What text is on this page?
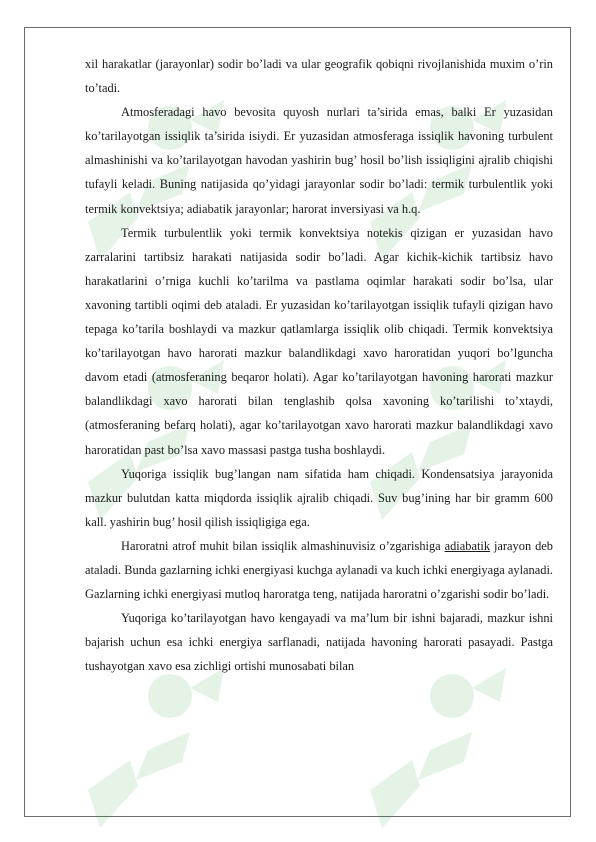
xil harakatlar (jarayonlar) sodir bo’ladi va ular geografik qobiqni rivojlanishida muxim o’rin to’tadi.

Atmosferadagi havo bevosita quyosh nurlari ta’sirida emas, balki Er yuzasidan ko’tarilayotgan issiqlik ta’sirida isiydi. Er yuzasidan atmosferaga issiqlik havoning turbulent almashinishi va ko’tarilayotgan havodan yashirin bug’ hosil bo’lish issiqligini ajralib chiqishi tufayli keladi. Buning natijasida qo’yidagi jarayonlar sodir bo’ladi: termik turbulentlik yoki termik konvektsiya; adiabatik jarayonlar; harorat inversiyasi va h.q.

Termik turbulentlik yoki termik konvektsiya notekis qizigan er yuzasidan havo zarralarini tartibsiz harakati natijasida sodir bo’ladi. Agar kichik-kichik tartibsiz havo harakatlarini o’rniga kuchli ko’tarilma va pastlama oqimlar harakati sodir bo’lsa, ular xavoning tartibli oqimi deb ataladi. Er yuzasidan ko’tarilayotgan issiqlik tufayli qizigan havo tepaga ko’tarila boshlaydi va mazkur qatlamlarga issiqlik olib chiqadi. Termik konvektsiya ko’tarilayotgan havo harorati mazkur balandlikdagi xavo haroratidan yuqori bo’lguncha davom etadi (atmosferaning beqaror holati). Agar ko’tarilayotgan havoning harorati mazkur balandlikdagi xavo harorati bilan tenglashib qolsa xavoning ko’tarilishi to’xtaydi, (atmosferaning befarq holati), agar ko’tarilayotgan xavo harorati mazkur balandlikdagi xavo haroratidan past bo’lsa xavo massasi pastga tusha boshlaydi.

Yuqoriga issiqlik bug’langan nam sifatida ham chiqadi. Kondensatsiya jarayonida mazkur bulutdan katta miqdorda issiqlik ajralib chiqadi. Suv bug’ining har bir gramm 600 kall. yashirin bug’ hosil qilish issiqligiga ega.

Haroratni atrof muhit bilan issiqlik almashinuvisiz o’zgarishiga adiabatik jarayon deb ataladi. Bunda gazlarning ichki energiyasi kuchga aylanadi va kuch ichki energiyaga aylanadi. Gazlarning ichki energiyasi mutloq haroratga teng, natijada haroratni o’zgarishi sodir bo’ladi.

Yuqoriga ko’tarilayotgan havo kengayadi va ma’lum bir ishni bajaradi, mazkur ishni bajarish uchun esa ichki energiya sarflanadi, natijada havoning harorati pasayadi. Pastga tushayotgan xavo esa zichligi ortishi munosabati bilan
